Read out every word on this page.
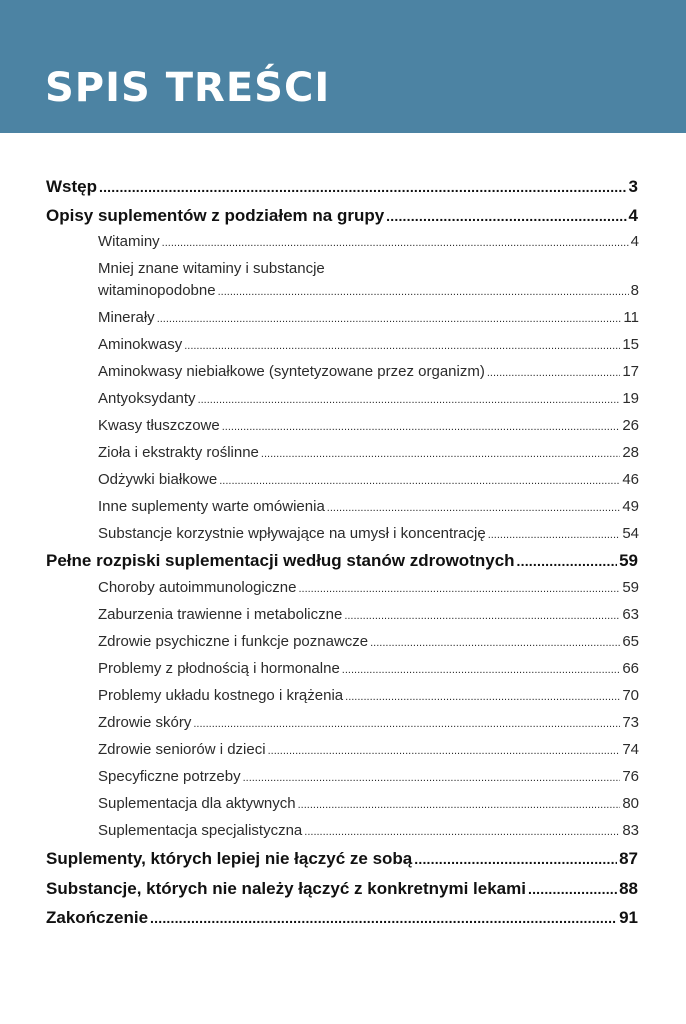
SPIS TREŚCI
Wstęp .....	3
Opisy suplementów z podziałem na grupy .....	4
Witaminy .....	4
Mniej znane witaminy i substancje
witaminopodobne .....	8
Minerały .....	11
Aminokwasy .....	15
Aminokwasy niebiałkowe (syntetyzowane przez organizm) .....	17
Antyoksydanty .....	19
Kwasy tłuszczowe .....	26
Zioła i ekstrakty roślinne .....	28
Odżywki białkowe .....	46
Inne suplementy warte omówienia .....	49
Substancje korzystnie wpływające na umysł i koncentrację .....	54
Pełne rozpiski suplementacji według stanów zdrowotnych .....	59
Choroby autoimmunologiczne .....	59
Zaburzenia trawienne i metaboliczne .....	63
Zdrowie psychiczne i funkcje poznawcze .....	65
Problemy z płodnością i hormonalne .....	66
Problemy układu kostnego i krążenia .....	70
Zdrowie skóry .....	73
Zdrowie seniorów i dzieci .....	74
Specyficzne potrzeby .....	76
Suplementacja dla aktywnych .....	80
Suplementacja specjalistyczna .....	83
Suplementy, których lepiej nie łączyć ze sobą .....	87
Substancje, których nie należy łączyć z konkretnymi lekami .....	88
Zakończenie .....	91
